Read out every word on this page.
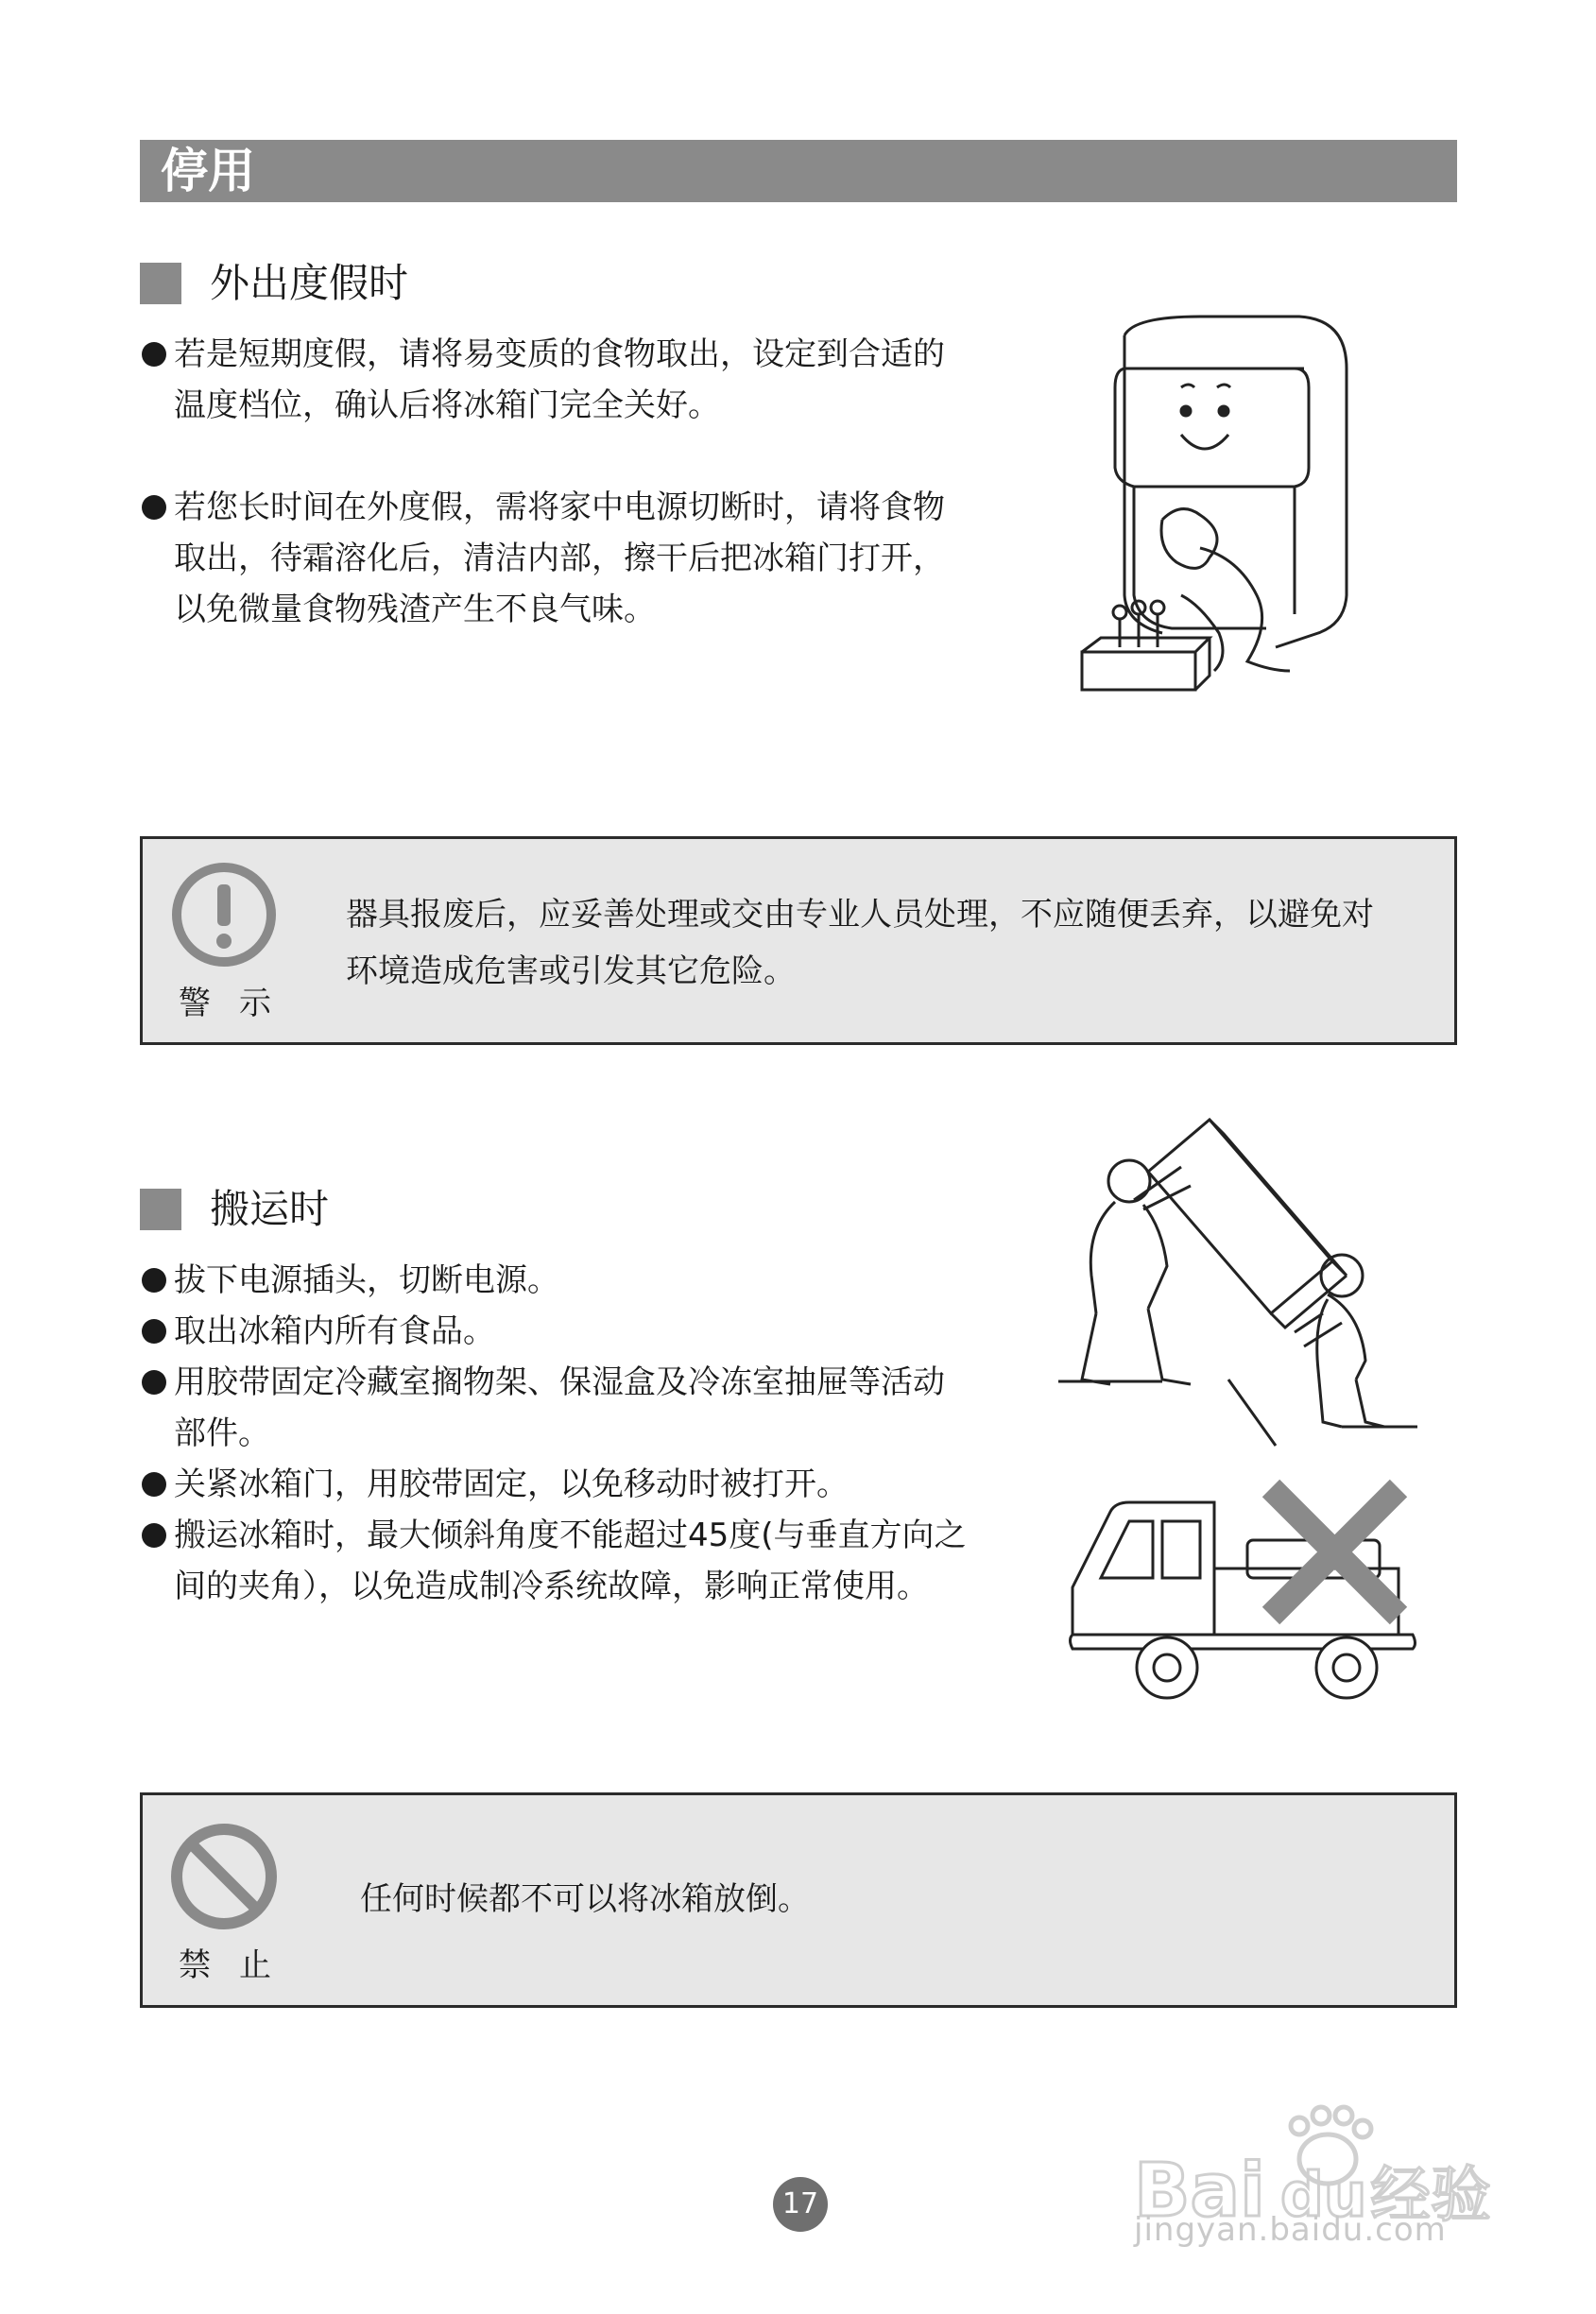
停用
外出度假时
若是短期度假，请将易变质的食物取出，设定到合适的
温度档位，确认后将冰箱门完全关好。
若您长时间在外度假，需将家中电源切断时，请将食物
取出，待霜溶化后，清洁内部，擦干后把冰箱门打开，
以免微量食物残渣产生不良气味。
警示
器具报废后，应妥善处理或交由专业人员处理，不应随便丢弃，以避免对
环境造成危害或引发其它危险。
搬运时
拔下电源插头，切断电源。
取出冰箱内所有食品。
用胶带固定冷藏室搁物架、保湿盒及冷冻室抽屉等活动
部件。
关紧冰箱门，用胶带固定，以免移动时被打开。
搬运冰箱时，最大倾斜角度不能超过45度(与垂直方向之
间的夹角），以免造成制冷系统故障，影响正常使用。
禁止
任何时候都不可以将冰箱放倒。
17	Bai du 经验
jingyan.baidu.com
